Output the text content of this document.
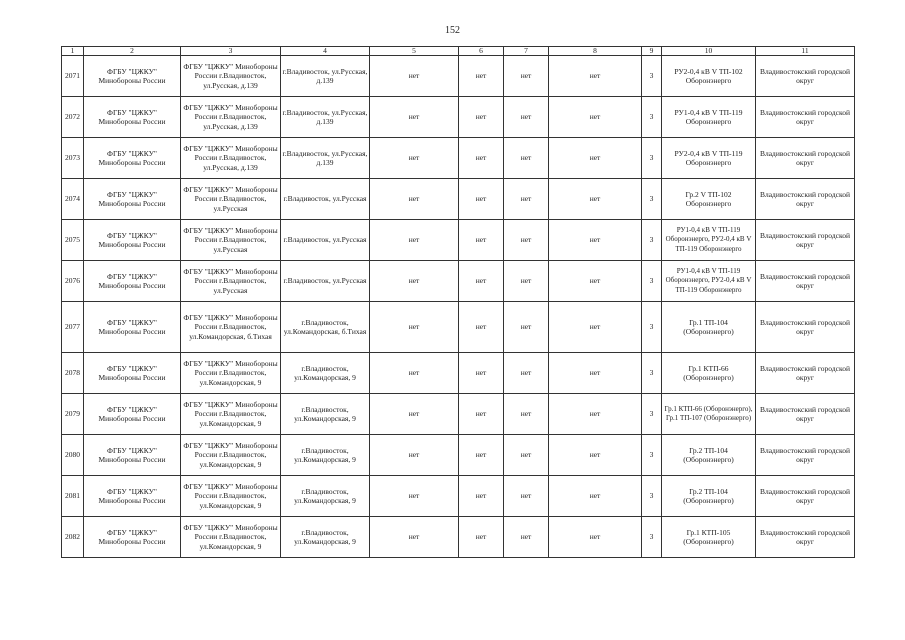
152
1	2	3	4	5	6	7	8	9	10	11
2071	ФГБУ "ЦЖКУ" Минобороны России	ФГБУ "ЦЖКУ" Минобороны России г.Владивосток, ул.Русская, д.139	г.Владивосток, ул.Русская, д.139	нет	нет	нет	нет	3	РУ2-0,4 кВ V ТП-102 Оборонэнерго	Владивостокский городской округ
2072	ФГБУ "ЦЖКУ" Минобороны России	ФГБУ "ЦЖКУ" Минобороны России г.Владивосток, ул.Русская, д.139	г.Владивосток, ул.Русская, д.139	нет	нет	нет	нет	3	РУ1-0,4 кВ V ТП-119 Оборонэнерго	Владивостокский городской округ
2073	ФГБУ "ЦЖКУ" Минобороны России	ФГБУ "ЦЖКУ" Минобороны России г.Владивосток, ул.Русская, д.139	г.Владивосток, ул.Русская, д.139	нет	нет	нет	нет	3	РУ2-0,4 кВ V ТП-119 Оборонэнерго	Владивостокский городской округ
2074	ФГБУ "ЦЖКУ" Минобороны России	ФГБУ "ЦЖКУ" Минобороны России г.Владивосток, ул.Русская	г.Владивосток, ул.Русская	нет	нет	нет	нет	3	Гр.2 V ТП-102 Оборонэнерго	Владивостокский городской округ
2075	ФГБУ "ЦЖКУ" Минобороны России	ФГБУ "ЦЖКУ" Минобороны России г.Владивосток, ул.Русская	г.Владивосток, ул.Русская	нет	нет	нет	нет	3	РУ1-0,4 кВ V ТП-119 Оборонэнерго, РУ2-0,4 кВ V ТП-119 Оборонэнерго	Владивостокский городской округ
2076	ФГБУ "ЦЖКУ" Минобороны России	ФГБУ "ЦЖКУ" Минобороны России г.Владивосток, ул.Русская	г.Владивосток, ул.Русская	нет	нет	нет	нет	3	РУ1-0,4 кВ V ТП-119 Оборонэнерго, РУ2-0,4 кВ V ТП-119 Оборонэнерго	Владивостокский городской округ
2077	ФГБУ "ЦЖКУ" Минобороны России	ФГБУ "ЦЖКУ" Минобороны России г.Владивосток, ул.Командорская, б.Тихая	г.Владивосток, ул.Командорская, б.Тихая	нет	нет	нет	нет	3	Гр.1 ТП-104 (Оборонэнерго)	Владивостокский городской округ
2078	ФГБУ "ЦЖКУ" Минобороны России	ФГБУ "ЦЖКУ" Минобороны России г.Владивосток, ул.Командорская, 9	г.Владивосток, ул.Командорская, 9	нет	нет	нет	нет	3	Гр.1 КТП-66 (Оборонэнерго)	Владивостокский городской округ
2079	ФГБУ "ЦЖКУ" Минобороны России	ФГБУ "ЦЖКУ" Минобороны России г.Владивосток, ул.Командорская, 9	г.Владивосток, ул.Командорская, 9	нет	нет	нет	нет	3	Гр.1 КТП-66 (Оборонэнерго), Гр.1 ТП-107 (Оборонэнерго)	Владивостокский городской округ
2080	ФГБУ "ЦЖКУ" Минобороны России	ФГБУ "ЦЖКУ" Минобороны России г.Владивосток, ул.Командорская, 9	г.Владивосток, ул.Командорская, 9	нет	нет	нет	нет	3	Гр.2 ТП-104 (Оборонэнерго)	Владивостокский городской округ
2081	ФГБУ "ЦЖКУ" Минобороны России	ФГБУ "ЦЖКУ" Минобороны России г.Владивосток, ул.Командорская, 9	г.Владивосток, ул.Командорская, 9	нет	нет	нет	нет	3	Гр.2 ТП-104 (Оборонэнерго)	Владивостокский городской округ
2082	ФГБУ "ЦЖКУ" Минобороны России	ФГБУ "ЦЖКУ" Минобороны России г.Владивосток, ул.Командорская, 9	г.Владивосток, ул.Командорская, 9	нет	нет	нет	нет	3	Гр.1 КТП-105 (Оборонэнерго)	Владивостокский городской округ
